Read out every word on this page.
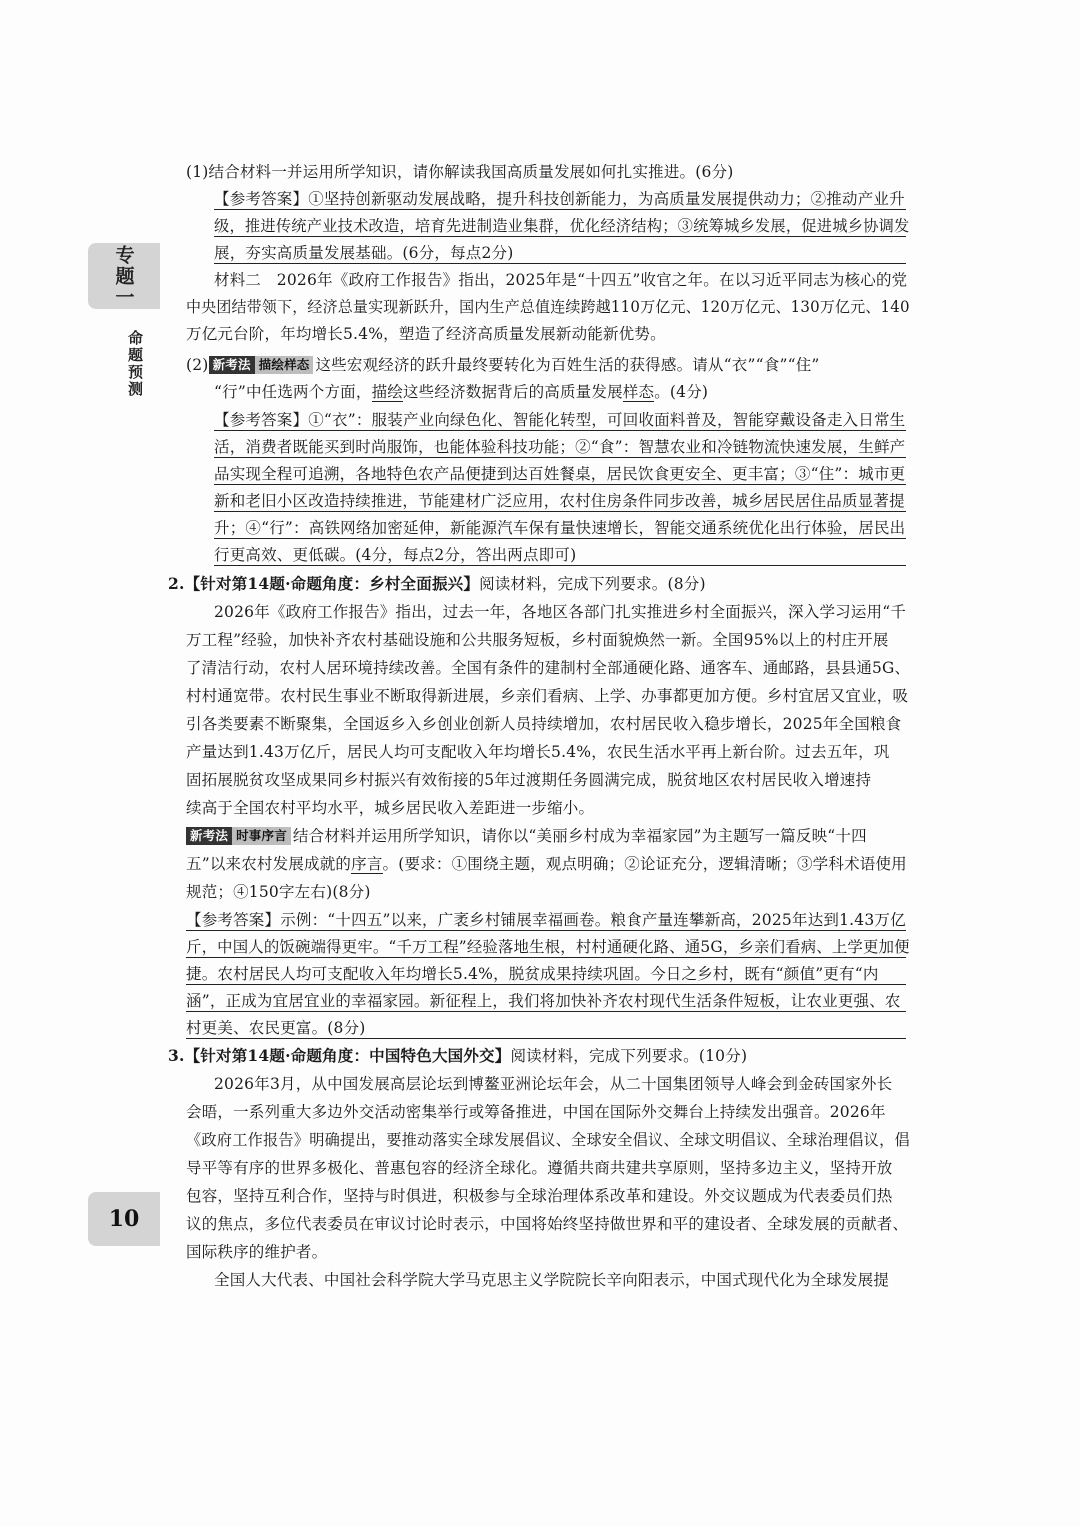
专题一
命题预测
10
(1)结合材料一并运用所学知识，请你解读我国高质量发展如何扎实推进。(6分)
【参考答案】①坚持创新驱动发展战略，提升科技创新能力，为高质量发展提供动力；②推动产业升
级，推进传统产业技术改造，培育先进制造业集群，优化经济结构；③统筹城乡发展，促进城乡协调发
展，夯实高质量发展基础。(6分，每点2分)
材料二　2026年《政府工作报告》指出，2025年是“十四五”收官之年。在以习近平同志为核心的党
中央团结带领下，经济总量实现新跃升，国内生产总值连续跨越110万亿元、120万亿元、130万亿元、140
万亿元台阶，年均增长5.4%，塑造了经济高质量发展新动能新优势。
(2) 新考法 描绘样态 这些宏观经济的跃升最终要转化为百姓生活的获得感。请从“衣”“食”“住”
“行”中任选两个方面，描绘这些经济数据背后的高质量发展样态。(4分)
【参考答案】①“衣”：服装产业向绿色化、智能化转型，可回收面料普及，智能穿戴设备走入日常生
活，消费者既能买到时尚服饰，也能体验科技功能；②“食”：智慧农业和冷链物流快速发展，生鲜产
品实现全程可追溯，各地特色农产品便捷到达百姓餐桌，居民饮食更安全、更丰富；③“住”：城市更
新和老旧小区改造持续推进，节能建材广泛应用，农村住房条件同步改善，城乡居民居住品质显著提
升；④“行”：高铁网络加密延伸，新能源汽车保有量快速增长，智能交通系统优化出行体验，居民出
行更高效、更低碳。(4分，每点2分，答出两点即可)
2.【针对第14题·命题角度：乡村全面振兴】阅读材料，完成下列要求。(8分)
2026年《政府工作报告》指出，过去一年，各地区各部门扎实推进乡村全面振兴，深入学习运用“千
万工程”经验，加快补齐农村基础设施和公共服务短板，乡村面貌焕然一新。全国95%以上的村庄开展
了清洁行动，农村人居环境持续改善。全国有条件的建制村全部通硬化路、通客车、通邮路，县县通5G、
村村通宽带。农村民生事业不断取得新进展，乡亲们看病、上学、办事都更加方便。乡村宜居又宜业，吸
引各类要素不断聚集，全国返乡入乡创业创新人员持续增加，农村居民收入稳步增长，2025年全国粮食
产量达到1.43万亿斤，居民人均可支配收入年均增长5.4%，农民生活水平再上新台阶。过去五年，巩
固拓展脱贫攻坚成果同乡村振兴有效衔接的5年过渡期任务圆满完成，脱贫地区农村居民收入增速持
续高于全国农村平均水平，城乡居民收入差距进一步缩小。
新考法 时事序言 结合材料并运用所学知识，请你以“美丽乡村成为幸福家园”为主题写一篇反映“十四
五”以来农村发展成就的序言。(要求：①围绕主题，观点明确；②论证充分，逻辑清晰；③学科术语使用
规范；④150字左右)(8分)
【参考答案】示例：“十四五”以来，广袤乡村铺展幸福画卷。粮食产量连攀新高，2025年达到1.43万亿
斤，中国人的饭碗端得更牢。“千万工程”经验落地生根，村村通硬化路、通5G，乡亲们看病、上学更加便
捷。农村居民人均可支配收入年均增长5.4%，脱贫成果持续巩固。今日之乡村，既有“颜值”更有“内
涵”，正成为宜居宜业的幸福家园。新征程上，我们将加快补齐农村现代生活条件短板，让农业更强、农
村更美、农民更富。(8分)
3.【针对第14题·命题角度：中国特色大国外交】阅读材料，完成下列要求。(10分)
2026年3月，从中国发展高层论坛到博鳌亚洲论坛年会，从二十国集团领导人峰会到金砖国家外长
会晤，一系列重大多边外交活动密集举行或筹备推进，中国在国际外交舞台上持续发出强音。2026年
《政府工作报告》明确提出，要推动落实全球发展倡议、全球安全倡议、全球文明倡议、全球治理倡议，倡
导平等有序的世界多极化、普惠包容的经济全球化。遵循共商共建共享原则，坚持多边主义，坚持开放
包容，坚持互利合作，坚持与时俱进，积极参与全球治理体系改革和建设。外交议题成为代表委员们热
议的焦点，多位代表委员在审议讨论时表示，中国将始终坚持做世界和平的建设者、全球发展的贡献者、
国际秩序的维护者。
全国人大代表、中国社会科学院大学马克思主义学院院长辛向阳表示，中国式现代化为全球发展提
